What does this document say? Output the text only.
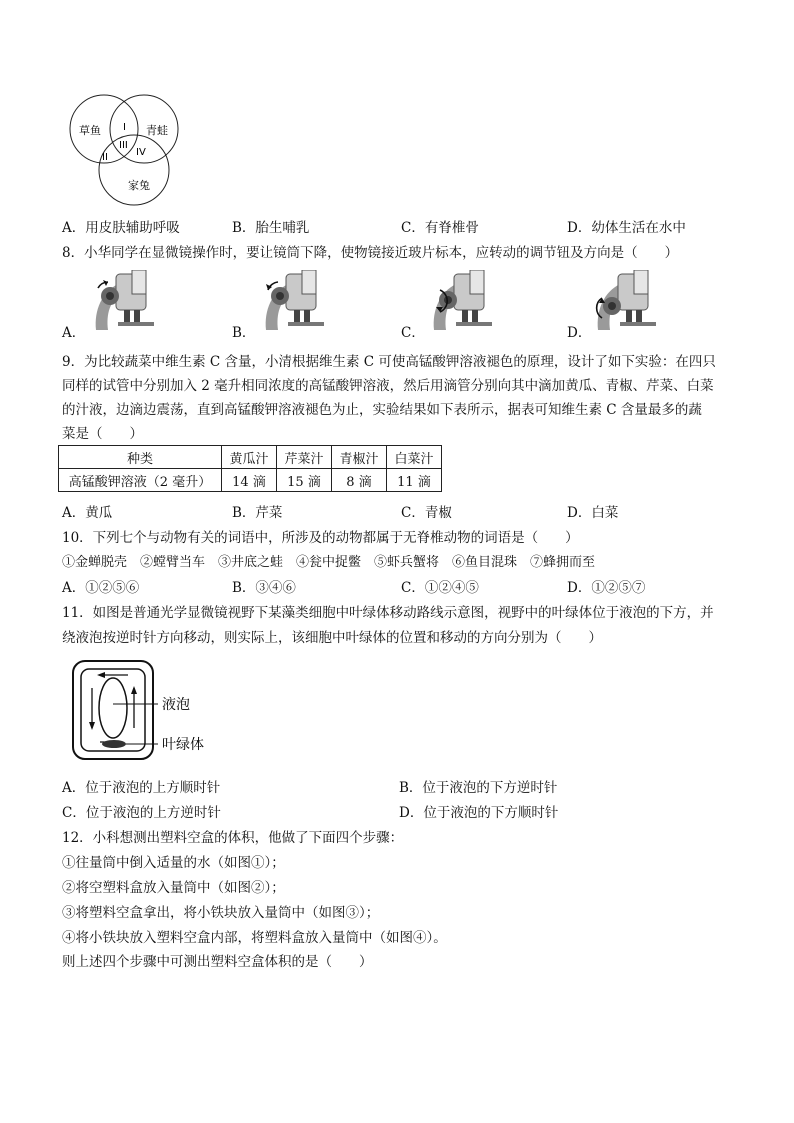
草鱼	青蛙
家兔
I
II
III
IV
A．用皮肤辅助呼吸	B．胎生哺乳	C．有脊椎骨	D．幼体生活在水中
8．小华同学在显微镜操作时，要让镜筒下降，使物镜接近玻片标本，应转动的调节钮及方向是（　　）
A．	B．	C．	D．
9．为比较蔬菜中维生素 C 含量，小清根据维生素 C 可使高锰酸钾溶液褪色的原理，设计了如下实验：在四只
同样的试管中分别加入 2 毫升相同浓度的高锰酸钾溶液，然后用滴管分别向其中滴加黄瓜、青椒、芹菜、白菜
的汁液，边滴边震荡，直到高锰酸钾溶液褪色为止，实验结果如下表所示，据表可知维生素 C 含量最多的蔬
菜是（　　）
种类	黄瓜汁	芹菜汁	青椒汁	白菜汁
高锰酸钾溶液（2 毫升）	14 滴	15 滴	8 滴	11 滴
A．黄瓜	B．芹菜	C．青椒	D．白菜
10．下列七个与动物有关的词语中，所涉及的动物都属于无脊椎动物的词语是（　　）
①金蝉脱壳　②螳臂当车　③井底之蛙　④瓮中捉鳖　⑤虾兵蟹将　⑥鱼目混珠　⑦蜂拥而至
A．①②⑤⑥	B．③④⑥	C．①②④⑤	D．①②⑤⑦
11．如图是普通光学显微镜视野下某藻类细胞中叶绿体移动路线示意图，视野中的叶绿体位于液泡的下方，并
绕液泡按逆时针方向移动，则实际上，该细胞中叶绿体的位置和移动的方向分别为（　　）
液泡
叶绿体
A．位于液泡的上方顺时针	B．位于液泡的下方逆时针
C．位于液泡的上方逆时针	D．位于液泡的下方顺时针
12．小科想测出塑料空盒的体积，他做了下面四个步骤：
①往量筒中倒入适量的水（如图①）；
②将空塑料盒放入量筒中（如图②）；
③将塑料空盒拿出，将小铁块放入量筒中（如图③）；
④将小铁块放入塑料空盒内部，将塑料盒放入量筒中（如图④）。
则上述四个步骤中可测出塑料空盒体积的是（　　）
